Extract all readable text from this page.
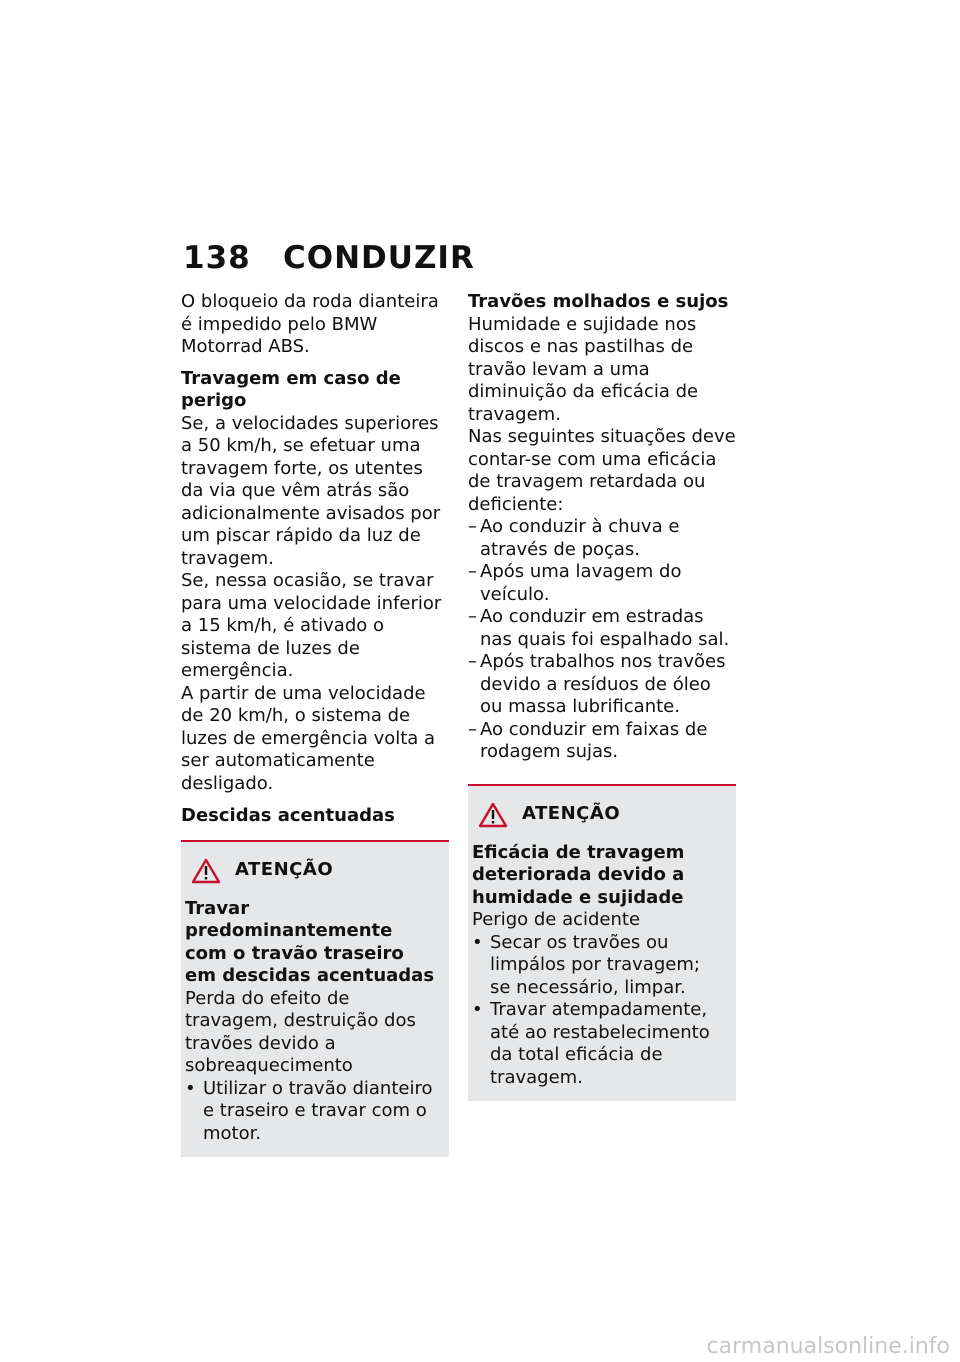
138 CONDUZIR

O bloqueio da roda dianteira é impedido pelo BMW Motorrad ABS.

Travagem em caso de perigo

Se, a velocidades superiores a 50 km/h, se efetuar uma travagem forte, os utentes da via que vêm atrás são adicionalmente avisados por um piscar rápido da luz de travagem.

Se, nessa ocasião, se travar para uma velocidade inferior a 15 km/h, é ativado o sistema de luzes de emergência.

A partir de uma velocidade de 20 km/h, o sistema de luzes de emergência volta a ser automaticamente desligado.

Descidas acentuadas

ATENÇÃO

Travar predominantemente com o travão traseiro em descidas acentuadas

Perda do efeito de travagem, destruição dos travões devido a sobreaquecimento

• Utilizar o travão dianteiro e traseiro e travar com o motor.

Travões molhados e sujos

Humidade e sujidade nos discos e nas pastilhas de travão levam a uma diminuição da eficácia de travagem.

Nas seguintes situações deve contar-se com uma eficácia de travagem retardada ou deficiente:

– Ao conduzir à chuva e através de poças.
– Após uma lavagem do veículo.
– Ao conduzir em estradas nas quais foi espalhado sal.
– Após trabalhos nos travões devido a resíduos de óleo ou massa lubrificante.
– Ao conduzir em faixas de rodagem sujas.
ATENÇÃO

Eficácia de travagem deteriorada devido a humidade e sujidade

Perigo de acidente

• Secar os travões ou limpálos por travagem; se necessário, limpar.
• Travar atempadamente, até ao restabelecimento da total eficácia de travagem.
carmanualsonline.info
